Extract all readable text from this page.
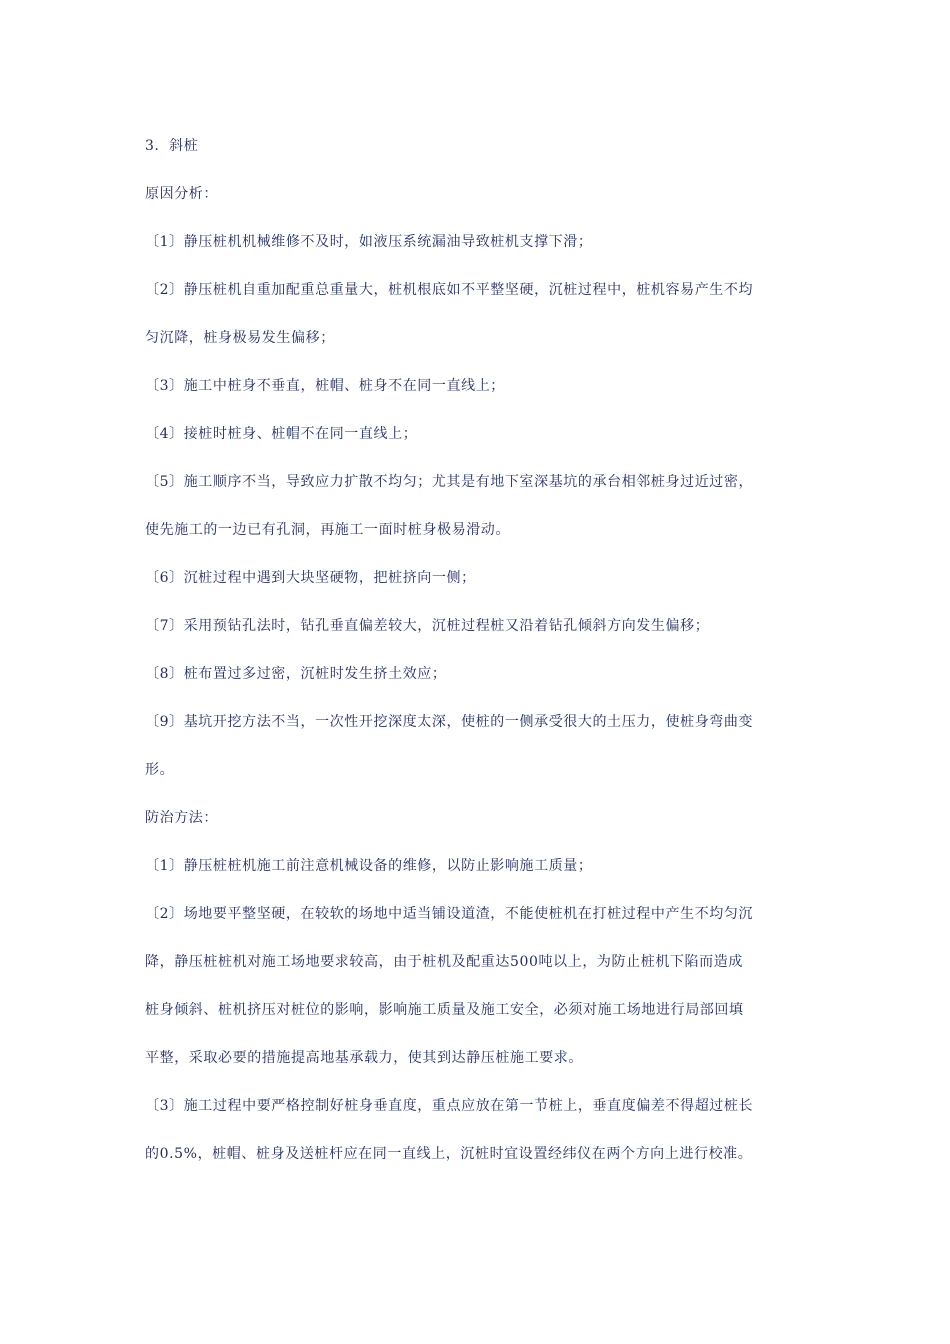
3．斜桩

原因分析：

〔1〕静压桩机机械维修不及时，如液压系统漏油导致桩机支撑下滑；

〔2〕静压桩机自重加配重总重量大，桩机根底如不平整坚硬，沉桩过程中，桩机容易产生不均

匀沉降，桩身极易发生偏移；

〔3〕施工中桩身不垂直，桩帽、桩身不在同一直线上；

〔4〕接桩时桩身、桩帽不在同一直线上；

〔5〕施工顺序不当，导致应力扩散不均匀；尤其是有地下室深基坑的承台相邻桩身过近过密，

使先施工的一边已有孔洞，再施工一面时桩身极易滑动。

〔6〕沉桩过程中遇到大块坚硬物，把桩挤向一侧；

〔7〕采用预钻孔法时，钻孔垂直偏差较大，沉桩过程桩又沿着钻孔倾斜方向发生偏移；

〔8〕桩布置过多过密，沉桩时发生挤土效应；

〔9〕基坑开挖方法不当，一次性开挖深度太深，使桩的一侧承受很大的土压力，使桩身弯曲变

形。

防治方法：

〔1〕静压桩桩机施工前注意机械设备的维修，以防止影响施工质量；

〔2〕场地要平整坚硬，在较软的场地中适当铺设道渣，不能使桩机在打桩过程中产生不均匀沉

降，静压桩桩机对施工场地要求较高，由于桩机及配重达500吨以上，为防止桩机下陷而造成

桩身倾斜、桩机挤压对桩位的影响，影响施工质量及施工安全，必须对施工场地进行局部回填

平整，采取必要的措施提高地基承载力，使其到达静压桩施工要求。

〔3〕施工过程中要严格控制好桩身垂直度，重点应放在第一节桩上，垂直度偏差不得超过桩长

的0.5%，桩帽、桩身及送桩杆应在同一直线上，沉桩时宜设置经纬仪在两个方向上进行校准。
